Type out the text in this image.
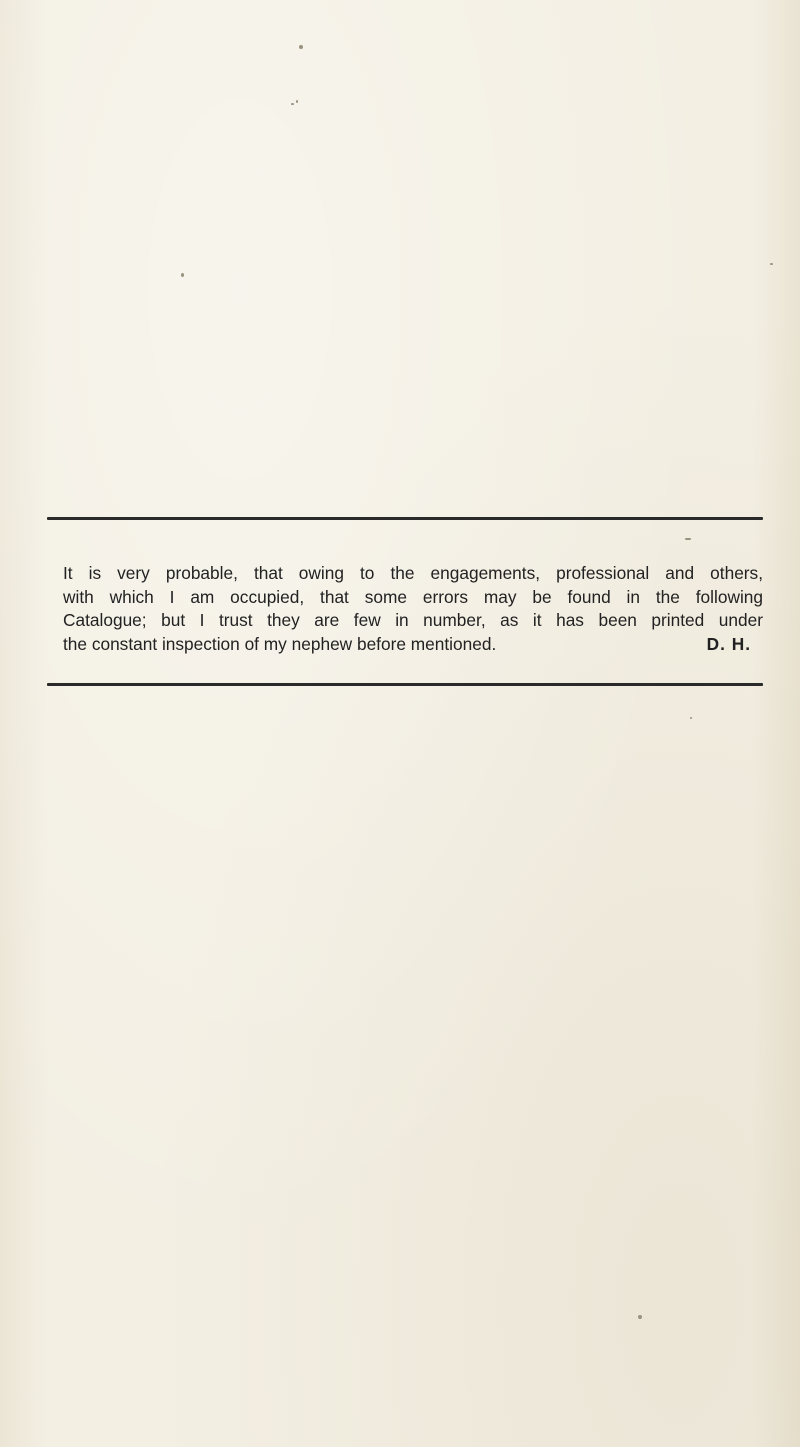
It is very probable, that owing to the engagements, professional and others,
with which I am occupied, that some errors may be found in the following
Catalogue; but I trust they are few in number, as it has been printed under
the constant inspection of my nephew before mentioned.	D. H.
